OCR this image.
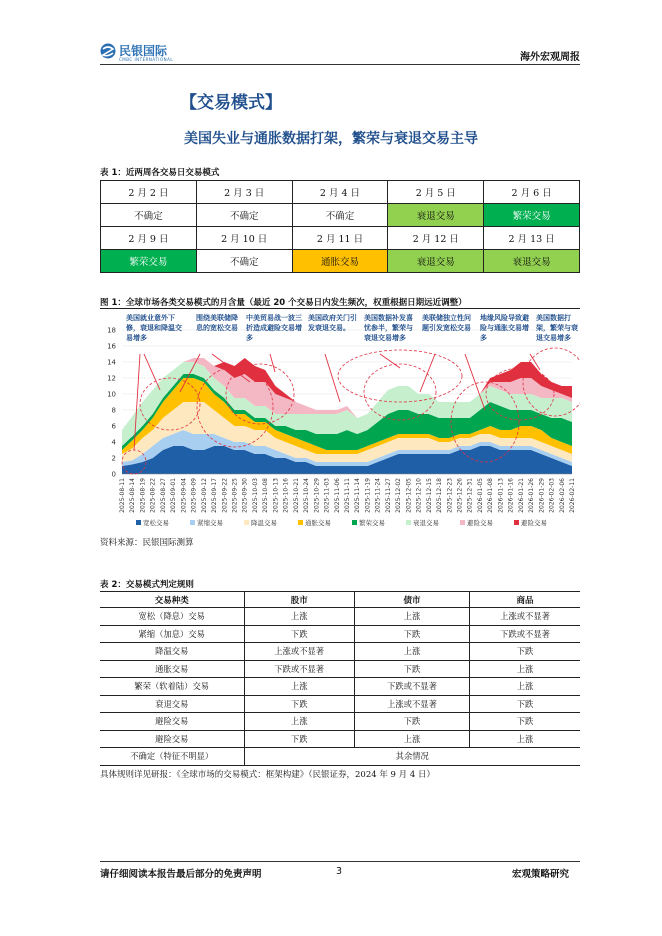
民银国际
CMBC INTERNATIONAL	海外宏观周报
【交易模式】
美国失业与通胀数据打架，繁荣与衰退交易主导
表 1：近两周各交易日交易模式
2 月 2 日	2 月 3 日	2 月 4 日	2 月 5 日	2 月 6 日
不确定	不确定	不确定	衰退交易	繁荣交易
2 月 9 日	2 月 10 日	2 月 11 日	2 月 12 日	2 月 13 日
繁荣交易	不确定	通胀交易	衰退交易	衰退交易
图 1：全球市场各类交易模式的月含量（最近 20 个交易日内发生频次，权重根据日期远近调整）
0
2
4
6
8
10
12
14
16
18
2025-08-11 2025-08-14 2025-08-19 2025-08-22 2025-08-27 2025-09-01 2025-09-04 2025-09-09 2025-09-12 2025-09-17 2025-09-22 2025-09-25 2025-09-30 2025-10-03 2025-10-08 2025-10-13 2025-10-16 2025-10-21 2025-10-24 2025-10-29 2025-11-03 2025-11-06 2025-11-11 2025-11-14 2025-11-19 2025-11-24 2025-11-27 2025-12-02 2025-12-05 2025-12-10 2025-12-15 2025-12-18 2025-12-23 2025-12-26 2025-12-31 2026-01-05 2026-01-08 2026-01-13 2026-01-16 2026-01-21 2026-01-26 2026-01-29 2026-02-03 2026-02-06 2026-02-11
宽松交易	紧缩交易	降温交易	通胀交易	繁荣交易	衰退交易	避险交易	避险交易
美国就业意外下修，衰退和降温交易增多
围绕美联储降息的宽松交易
中美贸易战一波三折造成避险交易增多
美国政府关门引发衰退交易。
美国数据补发喜忧参半，繁荣与衰退交易增多
美联储独立性问题引发宽松交易
地缘风险导致避险与通胀交易增多
美国数据打架，繁荣与衰退交易增多
资料来源：民银国际测算
表 2：交易模式判定规则
交易种类	股市	债市	商品
宽松（降息）交易	上涨	上涨	上涨或不显著
紧缩（加息）交易	下跌	下跌	下跌或不显著
降温交易	上涨或不显著	上涨	下跌
通胀交易	下跌或不显著	下跌	上涨
繁荣（软着陆）交易	上涨	下跌或不显著	上涨
衰退交易	下跌	上涨或不显著	下跌
避险交易	上涨	下跌	下跌
避险交易	下跌	上涨	上涨
不确定（特征不明显）	其余情况		
具体规则详见研报：《全球市场的交易模式：框架构建》（民银证券，2024 年 9 月 4 日）
请仔细阅读本报告最后部分的免责声明	3	宏观策略研究
